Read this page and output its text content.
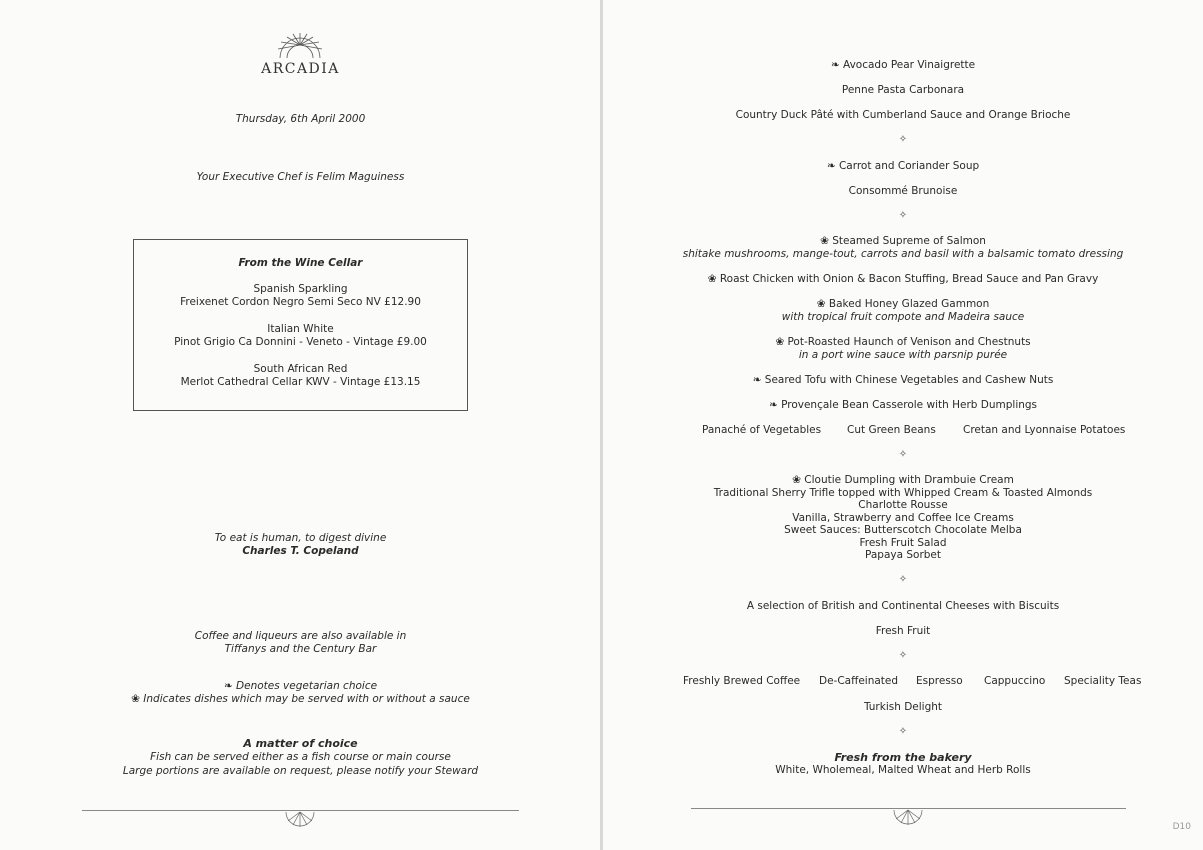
ARCADIA
Thursday, 6th April 2000
Your Executive Chef is Felim Maguiness
From the Wine Cellar
Spanish Sparkling
Freixenet Cordon Negro Semi Seco NV £12.90
Italian White
Pinot Grigio Ca Donnini - Veneto - Vintage £9.00
South African Red
Merlot Cathedral Cellar KWV - Vintage £13.15
To eat is human, to digest divine
Charles T. Copeland
Coffee and liqueurs are also available in
Tiffanys and the Century Bar
❧ Denotes vegetarian choice
❀ Indicates dishes which may be served with or without a sauce
A matter of choice
Fish can be served either as a fish course or main course
Large portions are available on request, please notify your Steward
❧ Avocado Pear Vinaigrette
Penne Pasta Carbonara
Country Duck Pâté with Cumberland Sauce and Orange Brioche
✧
❧ Carrot and Coriander Soup
Consommé Brunoise
✧
❀ Steamed Supreme of Salmon
shitake mushrooms, mange-tout, carrots and basil with a balsamic tomato dressing
❀ Roast Chicken with Onion & Bacon Stuffing, Bread Sauce and Pan Gravy
❀ Baked Honey Glazed Gammon
with tropical fruit compote and Madeira sauce
❀ Pot-Roasted Haunch of Venison and Chestnuts
in a port wine sauce with parsnip purée
❧ Seared Tofu with Chinese Vegetables and Cashew Nuts
❧ Provençale Bean Casserole with Herb Dumplings
Panaché of Vegetables Cut Green Beans	Cretan and Lyonnaise Potatoes
✧
❀ Cloutie Dumpling with Drambuie Cream
Traditional Sherry Trifle topped with Whipped Cream & Toasted Almonds
Charlotte Rousse
Vanilla, Strawberry and Coffee Ice Creams
Sweet Sauces: Butterscotch Chocolate Melba
Fresh Fruit Salad
Papaya Sorbet
✧
A selection of British and Continental Cheeses with Biscuits
Fresh Fruit
✧
Freshly Brewed Coffee De-Caffeinated Espresso Cappuccino Speciality Teas
Turkish Delight
✧
Fresh from the bakery
White, Wholemeal, Malted Wheat and Herb Rolls
D10
